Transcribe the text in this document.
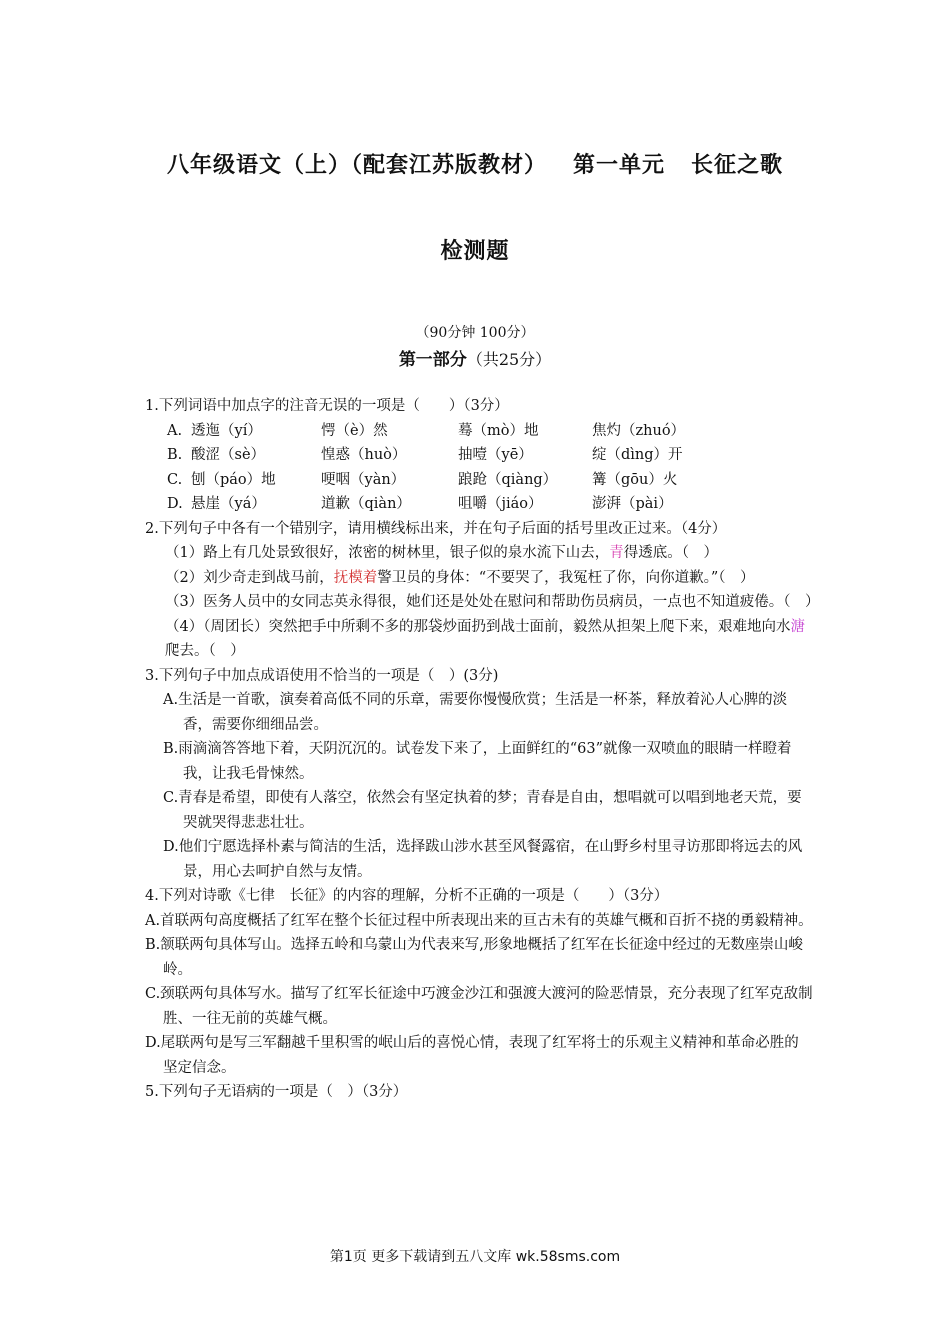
八年级语文（上）（配套江苏版教材） 第一单元 长征之歌
检测题
（90分钟 100分）
第一部分（共25分）
1.下列词语中加点字的注音无误的一项是（　　）（3分）
A. 透迤（yí）	愕（è）然	蓦（mò）地	焦灼（zhuó）
B. 酸涩（sè）	惶惑（huò）	抽噎（yē）	绽（dìng）开
C. 刨（páo）地	哽咽（yàn）	踉跄（qiàng）	篝（gōu）火
D. 悬崖（yá）	道歉（qiàn）	咀嚼（jiáo）	澎湃（pài）
2.下列句子中各有一个错别字，请用横线标出来，并在句子后面的括号里改正过来。（4分）
（1）路上有几处景致很好，浓密的树林里，银子似的泉水流下山去，青得透底。（　）
（2）刘少奇走到战马前，抚模着警卫员的身体：“不要哭了，我冤枉了你，向你道歉。”（　）
（3）医务人员中的女同志英永得很，她们还是处处在慰问和帮助伤员病员，一点也不知道疲倦。（　）
（4）（周团长）突然把手中所剩不多的那袋炒面扔到战士面前，毅然从担架上爬下来，艰难地向水溏爬去。（　）
3.下列句子中加点成语使用不恰当的一项是（　）(3分)
A.生活是一首歌，演奏着高低不同的乐章，需要你慢慢欣赏；生活是一杯茶，释放着沁人心脾的淡香，需要你细细品尝。
B.雨滴滴答答地下着，天阴沉沉的。试卷发下来了，上面鲜红的“63”就像一双喷血的眼睛一样瞪着我，让我毛骨悚然。
C.青春是希望，即使有人落空，依然会有坚定执着的梦；青春是自由，想唱就可以唱到地老天荒，要哭就哭得悲悲壮壮。
D.他们宁愿选择朴素与简洁的生活，选择跋山涉水甚至风餐露宿，在山野乡村里寻访那即将远去的风景，用心去呵护自然与友情。
4.下列对诗歌《七律　长征》的内容的理解，分析不正确的一项是（　　）（3分）
A.首联两句高度概括了红军在整个长征过程中所表现出来的亘古未有的英雄气概和百折不挠的勇毅精神。
B.颔联两句具体写山。选择五岭和乌蒙山为代表来写,形象地概括了红军在长征途中经过的无数座崇山峻岭。
C.颈联两句具体写水。描写了红军长征途中巧渡金沙江和强渡大渡河的险恶情景，充分表现了红军克敌制胜、一往无前的英雄气概。
D.尾联两句是写三军翻越千里积雪的岷山后的喜悦心情，表现了红军将士的乐观主义精神和革命必胜的坚定信念。
5.下列句子无语病的一项是（　）（3分）
第1页 更多下载请到五八文库 wk.58sms.com
